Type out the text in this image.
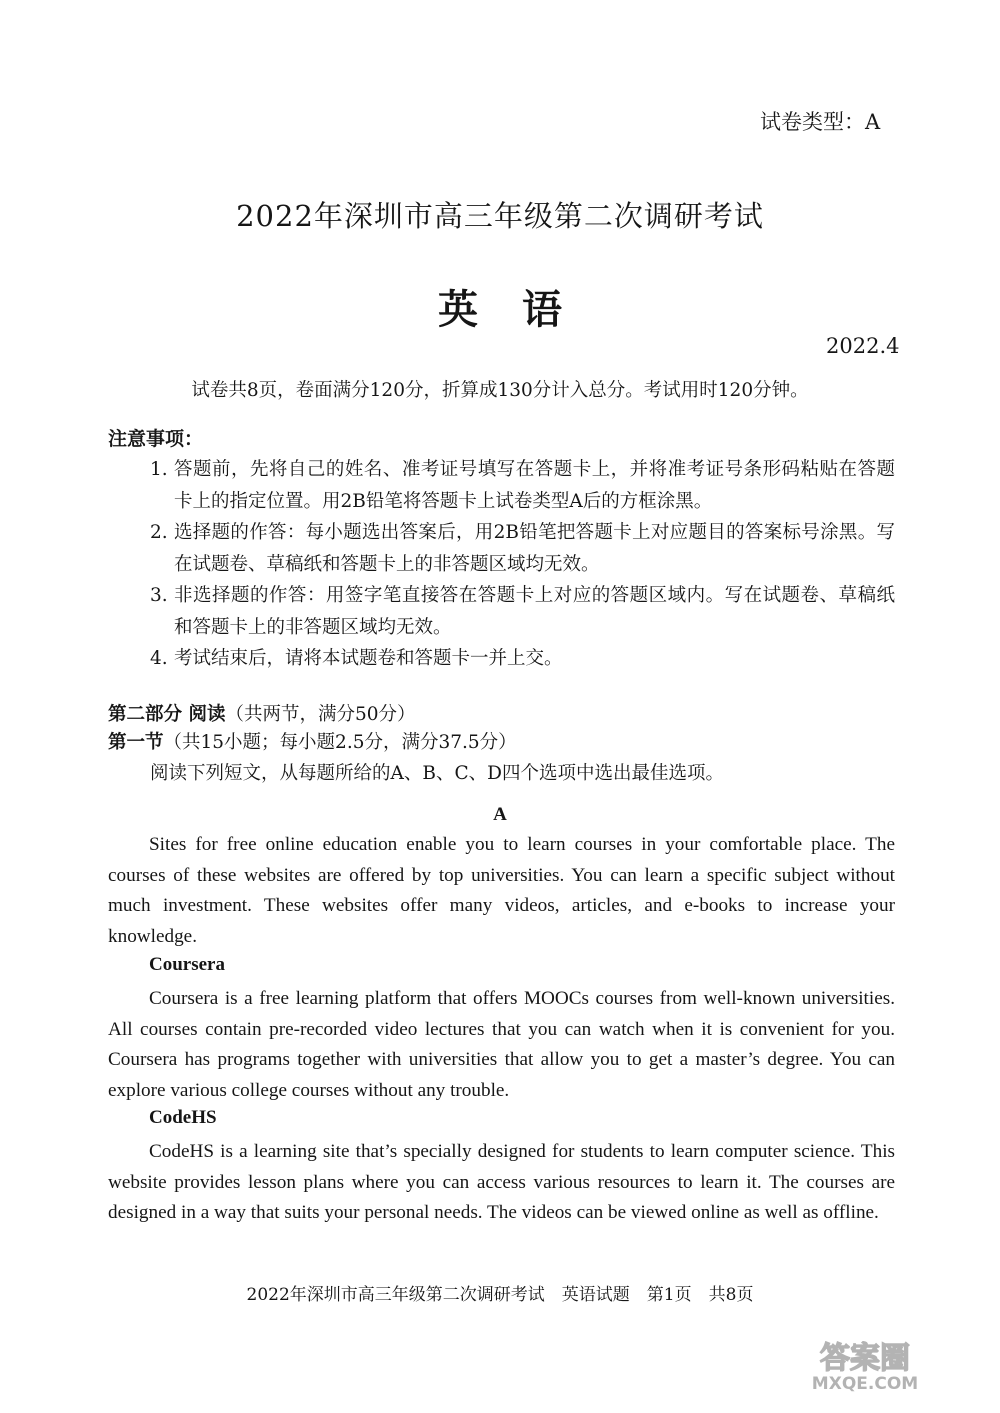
试卷类型：A
2022年深圳市高三年级第二次调研考试
英语
2022.4
试卷共8页，卷面满分120分，折算成130分计入总分。考试用时120分钟。
注意事项：
1. 答题前，先将自己的姓名、准考证号填写在答题卡上，并将准考证号条形码粘贴在答题卡上的指定位置。用2B铅笔将答题卡上试卷类型A后的方框涂黑。
2. 选择题的作答：每小题选出答案后，用2B铅笔把答题卡上对应题目的答案标号涂黑。写在试题卷、草稿纸和答题卡上的非答题区域均无效。
3. 非选择题的作答：用签字笔直接答在答题卡上对应的答题区域内。写在试题卷、草稿纸和答题卡上的非答题区域均无效。
4. 考试结束后，请将本试题卷和答题卡一并上交。
第二部分 阅读（共两节，满分50分）
第一节（共15小题；每小题2.5分，满分37.5分）
阅读下列短文，从每题所给的A、B、C、D四个选项中选出最佳选项。
A

Sites for free online education enable you to learn courses in your comfortable place. The courses of these websites are offered by top universities. You can learn a specific subject without much investment. These websites offer many videos, articles, and e-books to increase your knowledge.

Coursera

Coursera is a free learning platform that offers MOOCs courses from well-known universities. All courses contain pre-recorded video lectures that you can watch when it is convenient for you. Coursera has programs together with universities that allow you to get a master’s degree. You can explore various college courses without any trouble.

CodeHS

CodeHS is a learning site that’s specially designed for students to learn computer science. This website provides lesson plans where you can access various resources to learn it. The courses are designed in a way that suits your personal needs. The videos can be viewed online as well as offline.

2022年深圳市高三年级第二次调研考试　英语试题　第1页　共8页
答案圈
MXQE.COM
